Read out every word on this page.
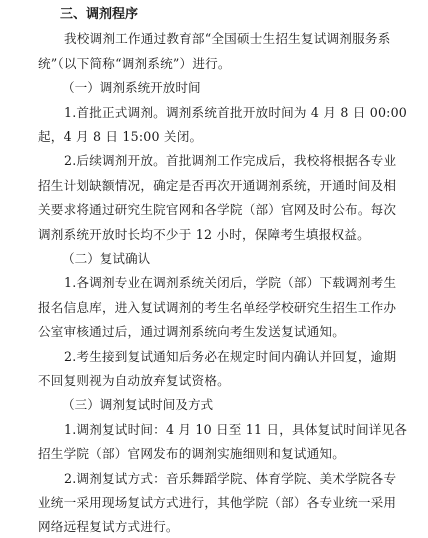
三、调剂程序
我校调剂工作通过教育部“全国硕士生招生复试调剂服务系
统”（以下简称“调剂系统”）进行。
（一）调剂系统开放时间
1.首批正式调剂。调剂系统首批开放时间为 4 月 8 日 00:00
起，4 月 8 日 15:00 关闭。
2.后续调剂开放。首批调剂工作完成后，我校将根据各专业
招生计划缺额情况，确定是否再次开通调剂系统，开通时间及相
关要求将通过研究生院官网和各学院（部）官网及时公布。每次
调剂系统开放时长均不少于 12 小时，保障考生填报权益。
（二）复试确认
1.各调剂专业在调剂系统关闭后，学院（部）下载调剂考生
报名信息库，进入复试调剂的考生名单经学校研究生招生工作办
公室审核通过后，通过调剂系统向考生发送复试通知。
2.考生接到复试通知后务必在规定时间内确认并回复，逾期
不回复则视为自动放弃复试资格。
（三）调剂复试时间及方式
1.调剂复试时间：4 月 10 日至 11 日，具体复试时间详见各
招生学院（部）官网发布的调剂实施细则和复试通知。
2.调剂复试方式：音乐舞蹈学院、体育学院、美术学院各专
业统一采用现场复试方式进行，其他学院（部）各专业统一采用
网络远程复试方式进行。
